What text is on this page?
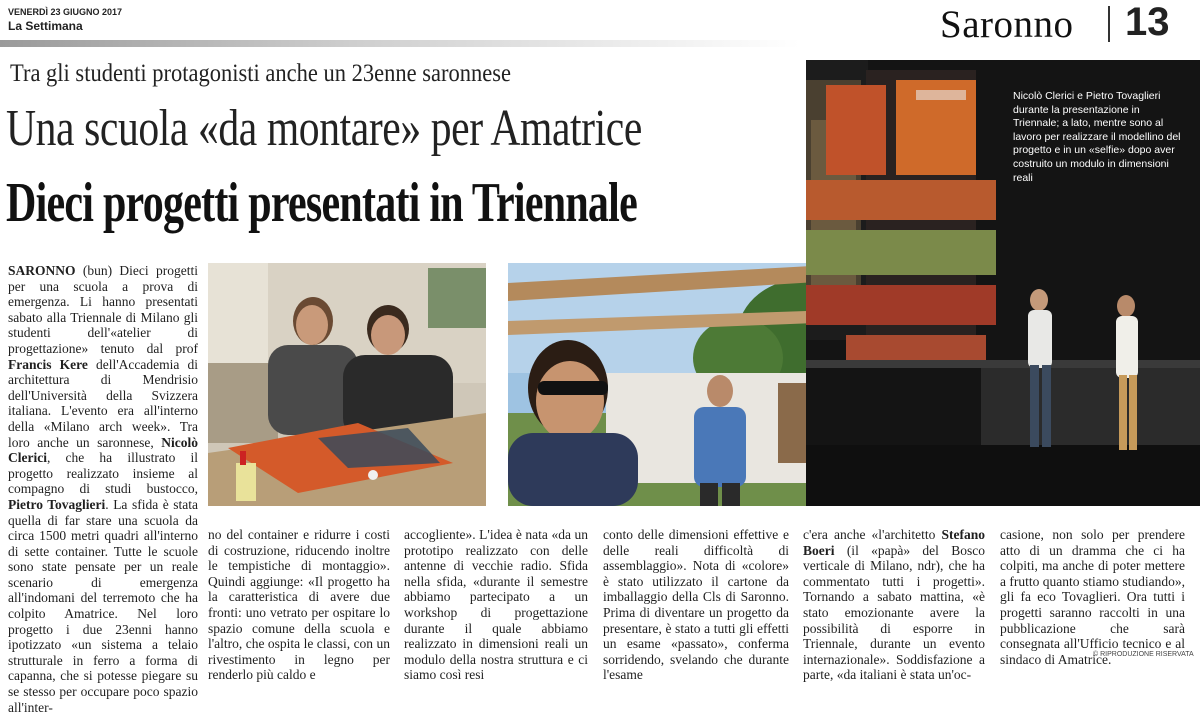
VENERDÌ 23 GIUGNO 2017
La Settimana	Saronno 13
Tra gli studenti protagonisti anche un 23enne saronnese
Una scuola «da montare» per Amatrice
Dieci progetti presentati in Triennale
SARONNO (bun) Dieci progetti per una scuola a prova di emergenza. Li hanno presentati sabato alla Triennale di Milano gli studenti dell'«atelier di progettazione» tenuto dal prof Francis Kere dell'Accademia di architettura di Mendrisio dell'Università della Svizzera italiana. L'evento era all'interno della «Milano arch week». Tra loro anche un saronnese, Nicolò Clerici, che ha illustrato il progetto realizzato insieme al compagno di studi bustocco, Pietro Tovaglieri. La sfida è stata quella di far stare una scuola da circa 1500 metri quadri all'interno di sette container. Tutte le scuole sono state pensate per un reale scenario di emergenza all'indomani del terremoto che ha colpito Amatrice. Nel loro progetto i due 23enni hanno ipotizzato «un sistema a telaio strutturale in ferro a forma di capanna, che si potesse piegare su se stesso per occupare poco spazio all'inter-
no del container e ridurre i costi di costruzione, riducendo inoltre le tempistiche di montaggio». Quindi aggiunge: «Il progetto ha la caratteristica di avere due fronti: uno vetrato per ospitare lo spazio comune della scuola e l'altro, che ospita le classi, con un rivestimento in legno per renderlo più caldo e
accogliente». L'idea è nata «da un prototipo realizzato con delle antenne di vecchie radio. Sfida nella sfida, «durante il semestre abbiamo partecipato a un workshop di progettazione durante il quale abbiamo realizzato in dimensioni reali un modulo della nostra struttura e ci siamo così resi
conto delle dimensioni effettive e delle reali difficoltà di assemblaggio». Nota di «colore» è stato utilizzato il cartone da imballaggio della Cls di Saronno. Prima di diventare un progetto da presentare, è stato a tutti gli effetti un esame «passato», conferma sorridendo, svelando che durante l'esame
c'era anche «l'architetto Stefano Boeri (il «papà» del Bosco verticale di Milano, ndr), che ha commentato tutti i progetti». Tornando a sabato mattina, «è stato emozionante avere la possibilità di esporre in Triennale, durante un evento internazionale». Soddisfazione a parte, «da italiani è stata un'oc-
casione, non solo per prendere atto di un dramma che ci ha colpiti, ma anche di poter mettere a frutto quanto stiamo studiando», gli fa eco Tovaglieri. Ora tutti i progetti saranno raccolti in una pubblicazione che sarà consegnata all'Ufficio tecnico e al sindaco di Amatrice.
Nicolò Clerici e Pietro Tovaglieri durante la presentazione in Triennale; a lato, mentre sono al lavoro per realizzare il modellino del progetto e in un «selfie» dopo aver costruito un modulo in dimensioni reali
© RIPRODUZIONE RISERVATA
